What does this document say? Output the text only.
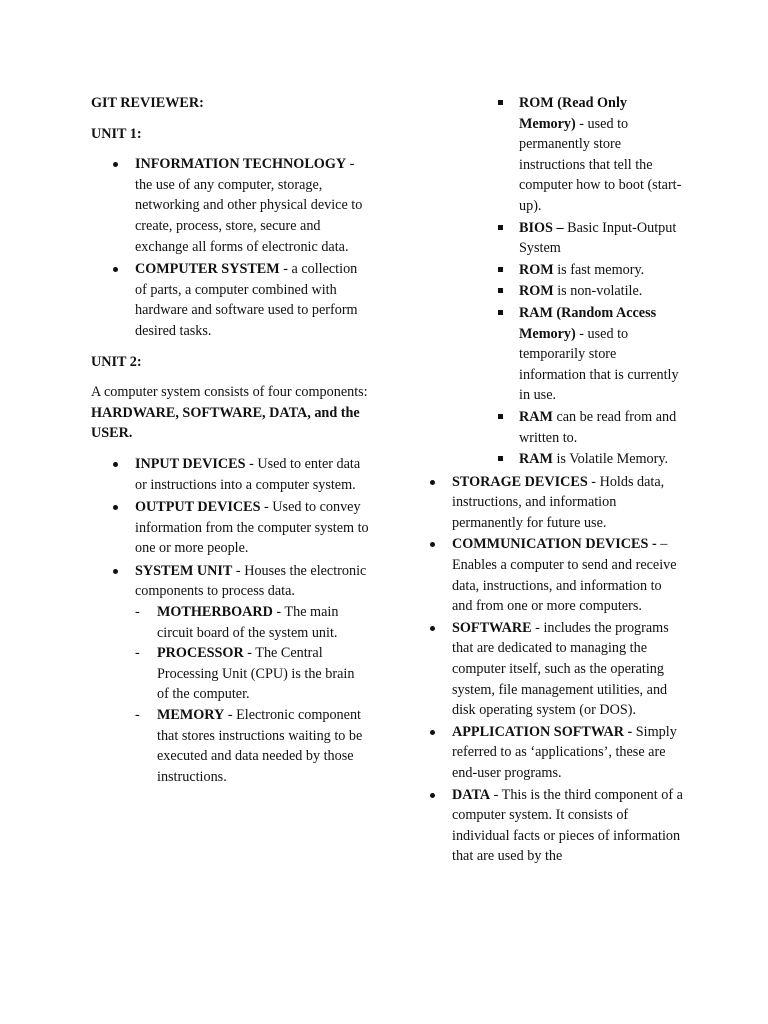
GIT REVIEWER:

UNIT 1:

INFORMATION TECHNOLOGY - the use of any computer, storage, networking and other physical device to create, process, store, secure and exchange all forms of electronic data.
COMPUTER SYSTEM - a collection of parts, a computer combined with hardware and software used to perform desired tasks.

UNIT 2:

A computer system consists of four components: HARDWARE, SOFTWARE, DATA, and the USER.

INPUT DEVICES - Used to enter data or instructions into a computer system.
OUTPUT DEVICES - Used to convey information from the computer system to one or more people.
SYSTEM UNIT - Houses the electronic components to process data.
- MOTHERBOARD - The main circuit board of the system unit.
- PROCESSOR - The Central Processing Unit (CPU) is the brain of the computer.
- MEMORY - Electronic component that stores instructions waiting to be executed and data needed by those instructions.
ROM (Read Only Memory) - used to permanently store instructions that tell the computer how to boot (start-up).
BIOS – Basic Input-Output System
ROM is fast memory.
ROM is non-volatile.
RAM (Random Access Memory) - used to temporarily store information that is currently in use.
RAM can be read from and written to.
RAM is Volatile Memory.
STORAGE DEVICES - Holds data, instructions, and information permanently for future use.
COMMUNICATION DEVICES - – Enables a computer to send and receive data, instructions, and information to and from one or more computers.
SOFTWARE - includes the programs that are dedicated to managing the computer itself, such as the operating system, file management utilities, and disk operating system (or DOS).
APPLICATION SOFTWAR - Simply referred to as ‘applications’, these are end-user programs.
DATA - This is the third component of a computer system. It consists of individual facts or pieces of information that are used by the
